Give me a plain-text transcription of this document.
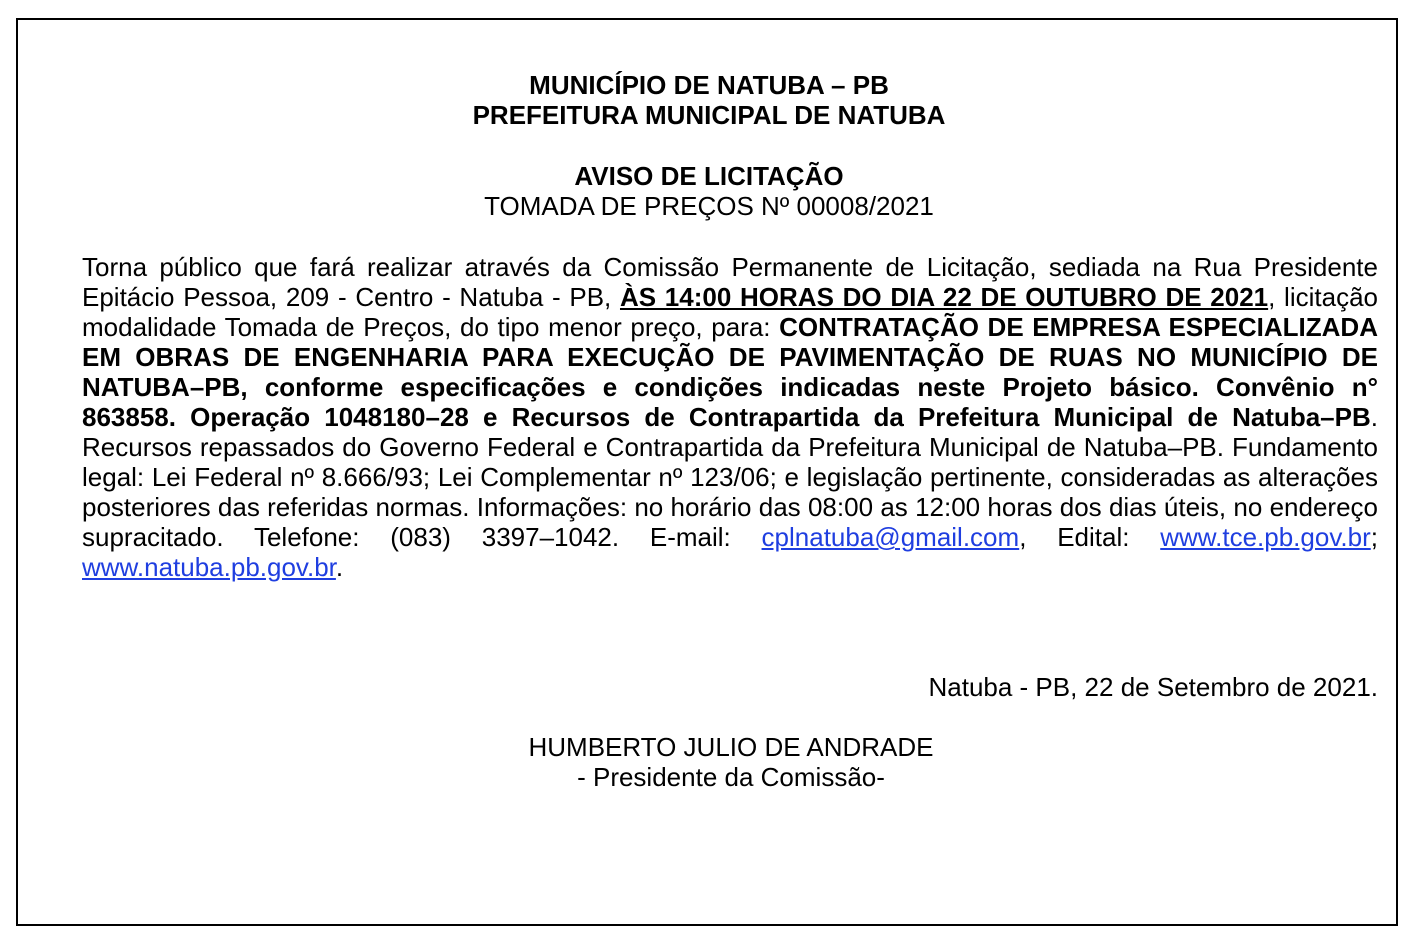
MUNICÍPIO DE NATUBA – PB
PREFEITURA MUNICIPAL DE NATUBA
AVISO DE LICITAÇÃO
TOMADA DE PREÇOS Nº 00008/2021
Torna público que fará realizar através da Comissão Permanente de Licitação, sediada na Rua Presidente Epitácio Pessoa, 209 - Centro - Natuba - PB, ÀS 14:00 HORAS DO DIA 22 DE OUTUBRO DE 2021, licitação modalidade Tomada de Preços, do tipo menor preço, para: CONTRATAÇÃO DE EMPRESA ESPECIALIZADA EM OBRAS DE ENGENHARIA PARA EXECUÇÃO DE PAVIMENTAÇÃO DE RUAS NO MUNICÍPIO DE NATUBA–PB, conforme especificações e condições indicadas neste Projeto básico. Convênio n° 863858. Operação 1048180–28 e Recursos de Contrapartida da Prefeitura Municipal de Natuba–PB. Recursos repassados do Governo Federal e Contrapartida da Prefeitura Municipal de Natuba–PB. Fundamento legal: Lei Federal nº 8.666/93; Lei Complementar nº 123/06; e legislação pertinente, consideradas as alterações posteriores das referidas normas. Informações: no horário das 08:00 as 12:00 horas dos dias úteis, no endereço supracitado. Telefone: (083) 3397–1042. E-mail: cplnatuba@gmail.com, Edital: www.tce.pb.gov.br; www.natuba.pb.gov.br.
Natuba - PB, 22 de Setembro de 2021.
HUMBERTO JULIO DE ANDRADE
- Presidente da Comissão-
